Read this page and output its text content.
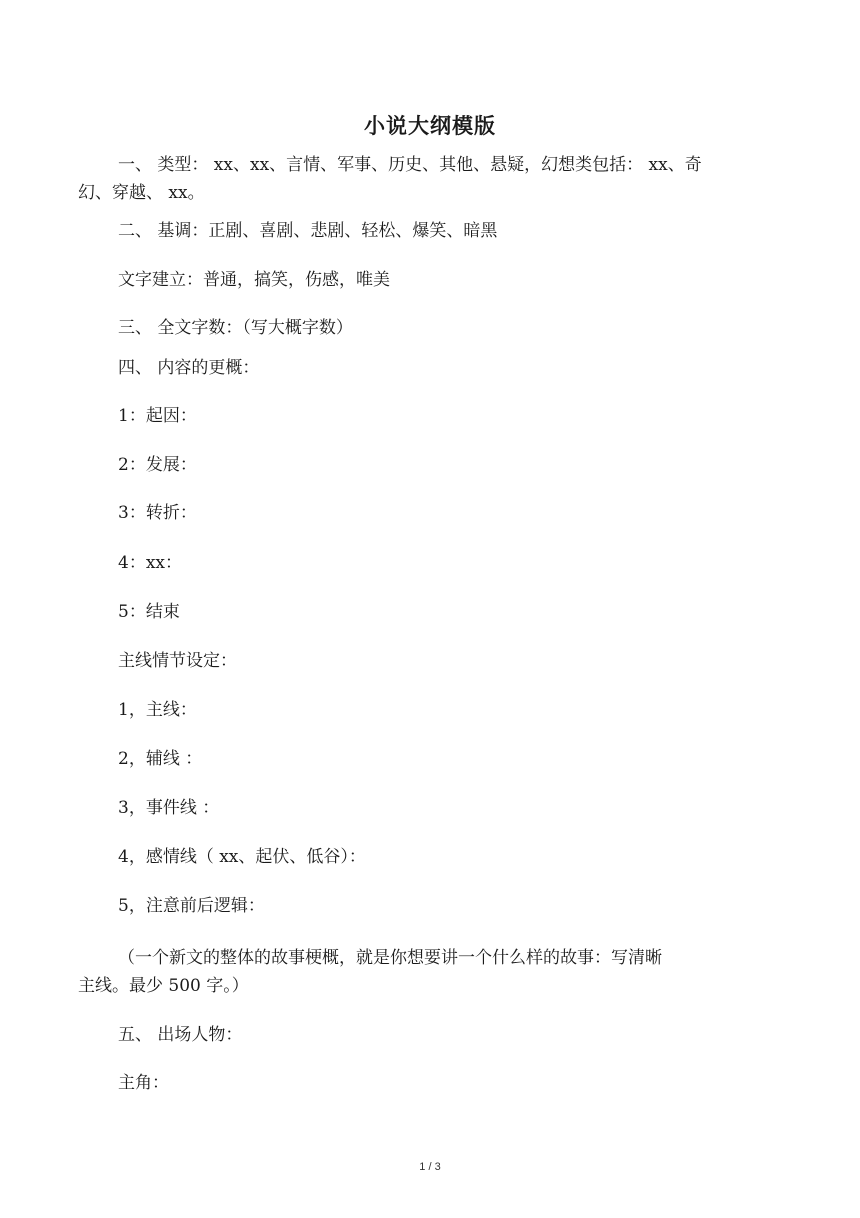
小说大纲模版

一、 类型： xx、xx、言情、军事、历史、其他、悬疑，幻想类包括： xx、奇

幻、穿越、 xx。

二、 基调：正剧、喜剧、悲剧、轻松、爆笑、暗黑

文字建立：普通，搞笑，伤感，唯美

三、 全文字数：（写大概字数）

四、 内容的更概：

1：起因：

2：发展：

3：转折：

4：xx：

5：结束

主线情节设定：

1，主线：

2，辅线 ：

3，事件线 ：

4，感情线（ xx、起伏、低谷）：

5，注意前后逻辑：

（一个新文的整体的故事梗概，就是你想要讲一个什么样的故事：写清晰

主线。最少 500 字。）

五、 出场人物：

主角：

1 / 3
